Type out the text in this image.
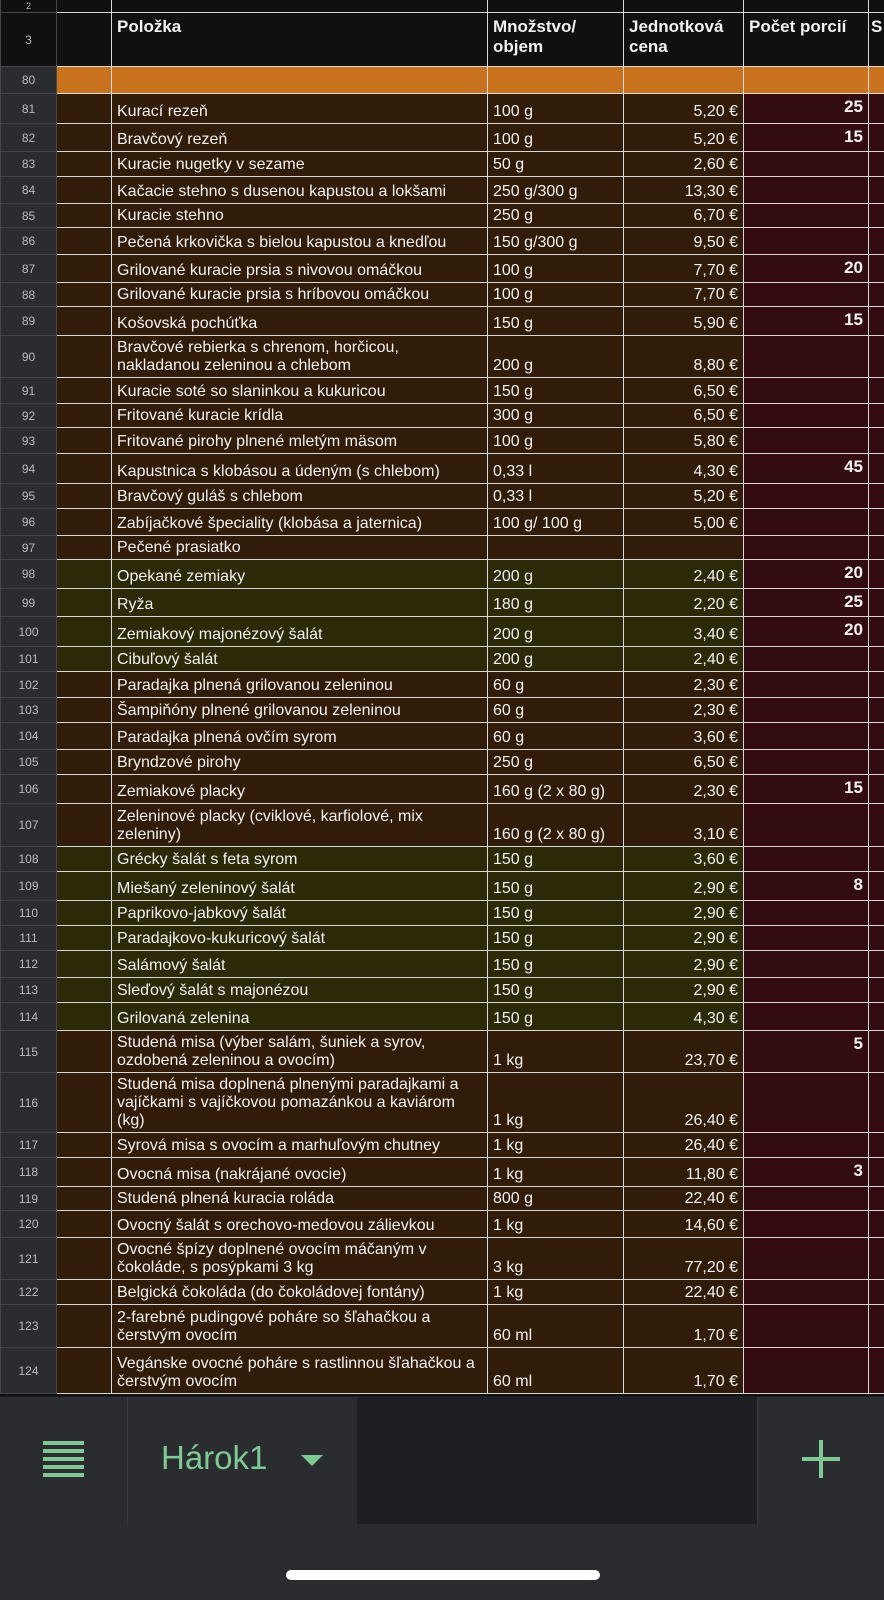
2						
3		Položka	Množstvo/ objem	Jednotková cena	Počet porcií	S
80						
81		Kurací rezeň	100 g	5,20 €	25	
82		Bravčový rezeň	100 g	5,20 €	15	
83		Kuracie nugetky v sezame	50 g	2,60 €		
84		Kačacie stehno s dusenou kapustou a lokšami	250 g/300 g	13,30 €		
85		Kuracie stehno	250 g	6,70 €		
86		Pečená krkovička s bielou kapustou a knedľou	150 g/300 g	9,50 €		
87		Grilované kuracie prsia s nivovou omáčkou	100 g	7,70 €	20	
88		Grilované kuracie prsia s hríbovou omáčkou	100 g	7,70 €		
89		Košovská pochúťka	150 g	5,90 €	15	
90		Bravčové rebierka s chrenom, horčicou, nakladanou zeleninou a chlebom	200 g	8,80 €		
91		Kuracie soté so slaninkou a kukuricou	150 g	6,50 €		
92		Fritované kuracie krídla	300 g	6,50 €		
93		Fritované pirohy plnené mletým mäsom	100 g	5,80 €		
94		Kapustnica s klobásou a údeným (s chlebom)	0,33 l	4,30 €	45	
95		Bravčový guláš s chlebom	0,33 l	5,20 €		
96		Zabíjačkové špeciality (klobása a jaternica)	100 g/ 100 g	5,00 €		
97		Pečené prasiatko				
98		Opekané zemiaky	200 g	2,40 €	20	
99		Ryža	180 g	2,20 €	25	
100		Zemiakový majonézový šalát	200 g	3,40 €	20	
101		Cibuľový šalát	200 g	2,40 €		
102		Paradajka plnená grilovanou zeleninou	60 g	2,30 €		
103		Šampiňóny plnené grilovanou zeleninou	60 g	2,30 €		
104		Paradajka plnená ovčím syrom	60 g	3,60 €		
105		Bryndzové pirohy	250 g	6,50 €		
106		Zemiakové placky	160 g (2 x 80 g)	2,30 €	15	
107		Zeleninové placky (cviklové, karfiolové, mix zeleniny)	160 g (2 x 80 g)	3,10 €		
108		Grécky šalát s feta syrom	150 g	3,60 €		
109		Miešaný zeleninový šalát	150 g	2,90 €	8	
110		Paprikovo-jabkový šalát	150 g	2,90 €		
111		Paradajkovo-kukuricový šalát	150 g	2,90 €		
112		Salámový šalát	150 g	2,90 €		
113		Sleďový šalát s majonézou	150 g	2,90 €		
114		Grilovaná zelenina	150 g	4,30 €		
115		Studená misa (výber salám, šuniek a syrov, ozdobená zeleninou a ovocím)	1 kg	23,70 €	5	
116		Studená misa doplnená plnenými paradajkami a vajíčkami s vajíčkovou pomazánkou a kaviárom (kg)	1 kg	26,40 €		
117		Syrová misa s ovocím a marhuľovým chutney	1 kg	26,40 €		
118		Ovocná misa (nakrájané ovocie)	1 kg	11,80 €	3	
119		Studená plnená kuracia roláda	800 g	22,40 €		
120		Ovocný šalát s orechovo-medovou zálievkou	1 kg	14,60 €		
121		Ovocné špízy doplnené ovocím máčaným v čokoláde, s posýpkami 3 kg	3 kg	77,20 €		
122		Belgická čokoláda (do čokoládovej fontány)	1 kg	22,40 €		
123		2-farebné pudingové poháre so šľahačkou a čerstvým ovocím	60 ml	1,70 €		
124		Vegánske ovocné poháre s rastlinnou šľahačkou a čerstvým ovocím	60 ml	1,70 €		
Hárok1
